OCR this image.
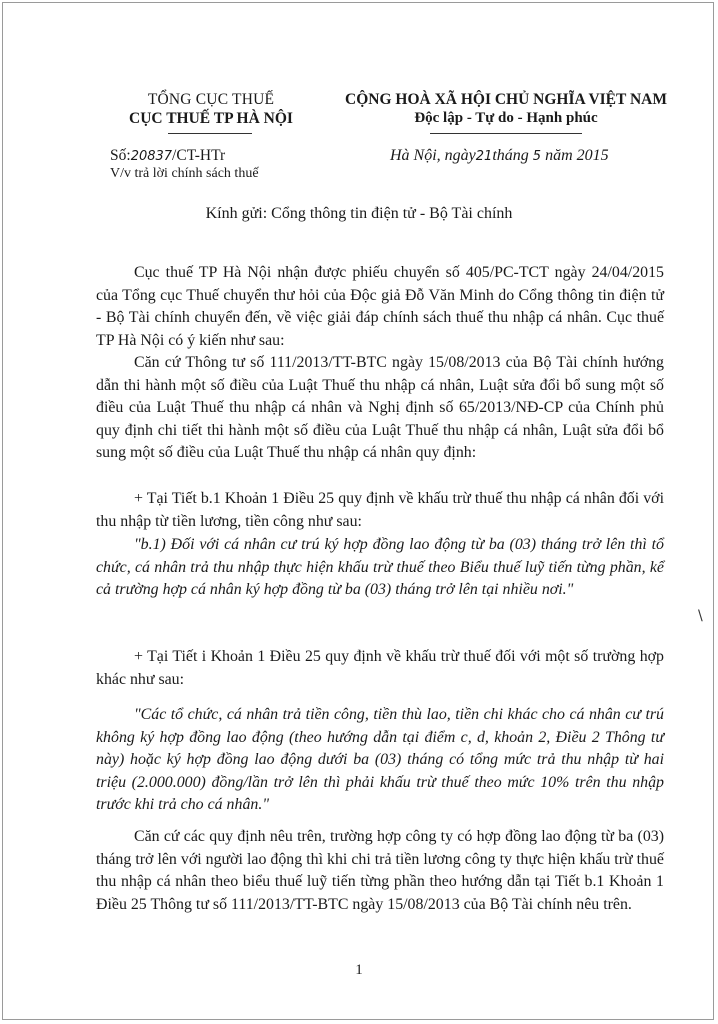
TỔNG CỤC THUẾ
CỤC THUẾ TP HÀ NỘI
CỘNG HOÀ XÃ HỘI CHỦ NGHĨA VIỆT NAM
Độc lập - Tự do - Hạnh phúc
Số:20837/CT-HTr
V/v trả lời chính sách thuế
Hà Nội, ngày21tháng 5 năm 2015
Kính gửi: Cổng thông tin điện tử - Bộ Tài chính

Cục thuế TP Hà Nội nhận được phiếu chuyển số 405/PC-TCT ngày 24/04/2015 của Tổng cục Thuế chuyển thư hỏi của Độc giả Đỗ Văn Minh do Cổng thông tin điện tử - Bộ Tài chính chuyển đến, về việc giải đáp chính sách thuế thu nhập cá nhân. Cục thuế TP Hà Nội có ý kiến như sau:

Căn cứ Thông tư số 111/2013/TT-BTC ngày 15/08/2013 của Bộ Tài chính hướng dẫn thi hành một số điều của Luật Thuế thu nhập cá nhân, Luật sửa đổi bổ sung một số điều của Luật Thuế thu nhập cá nhân và Nghị định số 65/2013/NĐ-CP của Chính phủ quy định chi tiết thi hành một số điều của Luật Thuế thu nhập cá nhân, Luật sửa đổi bổ sung một số điều của Luật Thuế thu nhập cá nhân quy định:

+ Tại Tiết b.1 Khoản 1 Điều 25 quy định về khấu trừ thuế thu nhập cá nhân đối với thu nhập từ tiền lương, tiền công như sau:

"b.1) Đối với cá nhân cư trú ký hợp đồng lao động từ ba (03) tháng trở lên thì tổ chức, cá nhân trả thu nhập thực hiện khấu trừ thuế theo Biểu thuế luỹ tiến từng phần, kể cả trường hợp cá nhân ký hợp đồng từ ba (03) tháng trở lên tại nhiều nơi."

+ Tại Tiết i Khoản 1 Điều 25 quy định về khấu trừ thuế đối với một số trường hợp khác như sau:

"Các tổ chức, cá nhân trả tiền công, tiền thù lao, tiền chi khác cho cá nhân cư trú không ký hợp đồng lao động (theo hướng dẫn tại điểm c, d, khoản 2, Điều 2 Thông tư này) hoặc ký hợp đồng lao động dưới ba (03) tháng có tổng mức trả thu nhập từ hai triệu (2.000.000) đồng/lần trở lên thì phải khấu trừ thuế theo mức 10% trên thu nhập trước khi trả cho cá nhân."

Căn cứ các quy định nêu trên, trường hợp công ty có hợp đồng lao động từ ba (03) tháng trở lên với người lao động thì khi chi trả tiền lương công ty thực hiện khấu trừ thuế thu nhập cá nhân theo biểu thuế luỹ tiến từng phần theo hướng dẫn tại Tiết b.1 Khoản 1 Điều 25 Thông tư số 111/2013/TT-BTC ngày 15/08/2013 của Bộ Tài chính nêu trên.

\
1
